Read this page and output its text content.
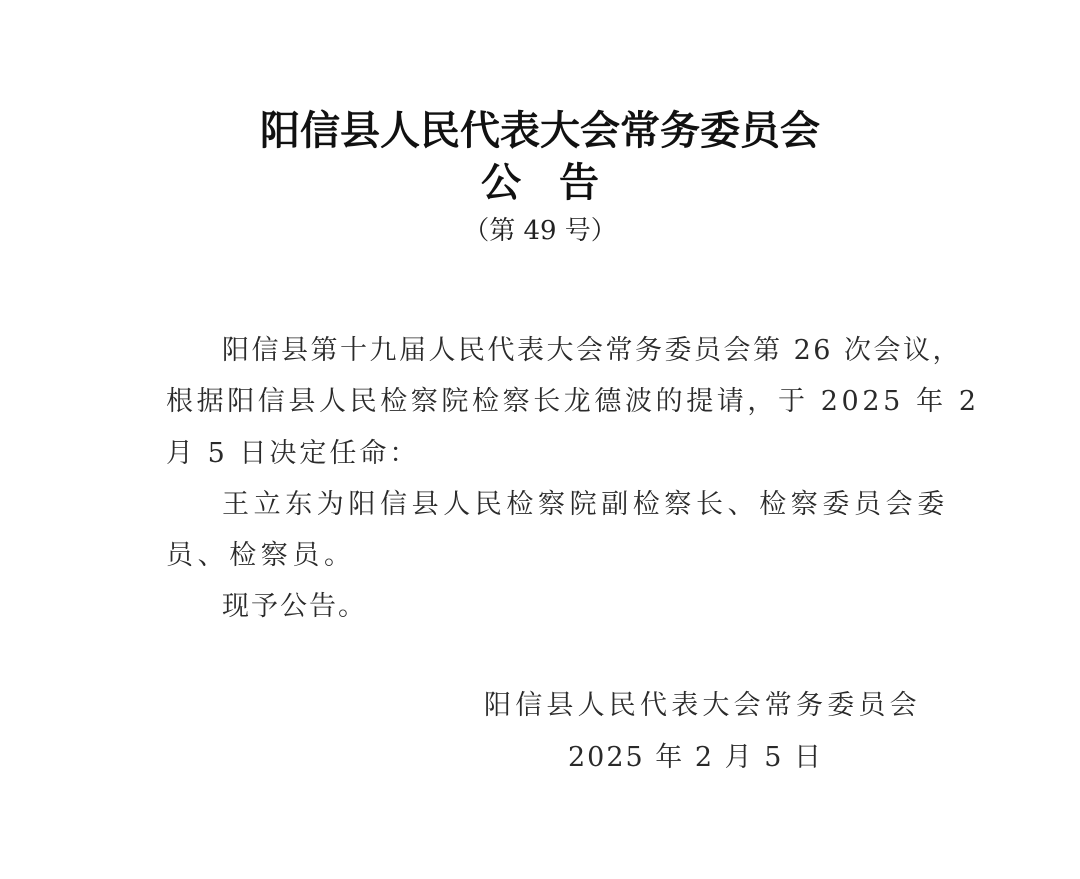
阳信县人民代表大会常务委员会
公告
（第 49 号）
阳信县第十九届人民代表大会常务委员会第 26 次会议，
根据阳信县人民检察院检察长龙德波的提请，于 2025 年 2
月 5 日决定任命：
王立东为阳信县人民检察院副检察长、检察委员会委
员、检察员。
现予公告。
阳信县人民代表大会常务委员会
2025 年 2 月 5 日
